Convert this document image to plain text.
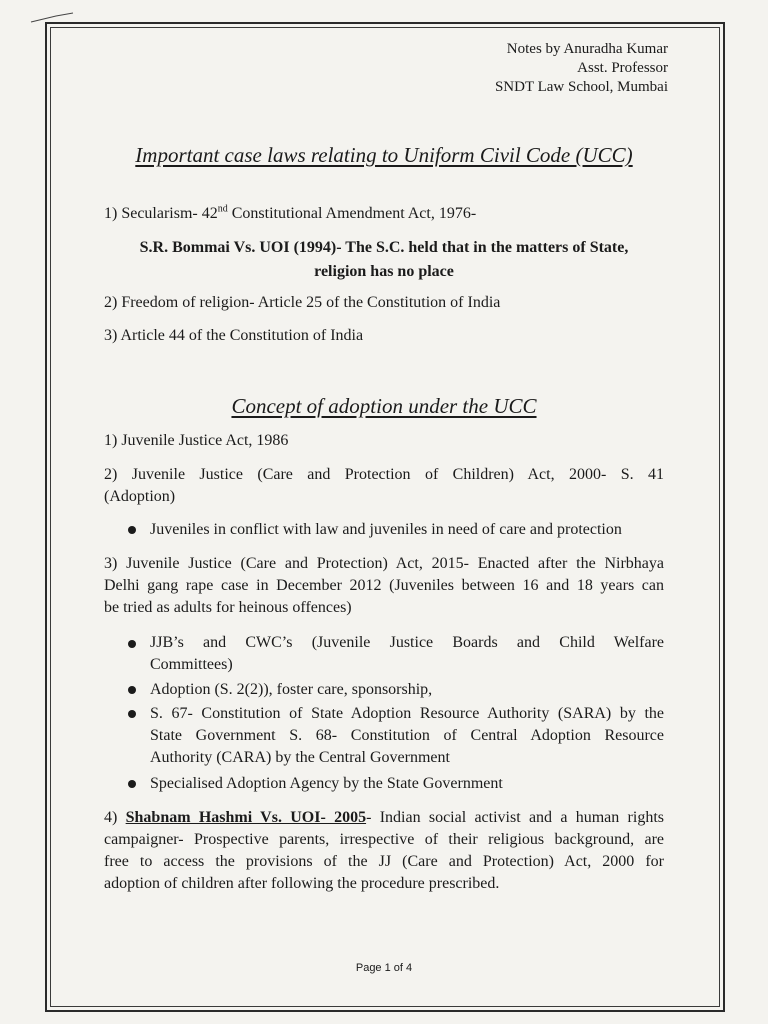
Notes by Anuradha Kumar
Asst. Professor
SNDT Law School, Mumbai
Important case laws relating to Uniform Civil Code (UCC)
1) Secularism- 42nd Constitutional Amendment Act, 1976-
S.R. Bommai Vs. UOI (1994)- The S.C. held that in the matters of State,
religion has no place
2) Freedom of religion- Article 25 of the Constitution of India
3) Article 44 of the Constitution of India
Concept of adoption under the UCC
1) Juvenile Justice Act, 1986
2) Juvenile Justice (Care and Protection of Children) Act, 2000- S. 41
(Adoption)
Juveniles in conflict with law and juveniles in need of care and protection
3) Juvenile Justice (Care and Protection) Act, 2015- Enacted after the Nirbhaya
Delhi gang rape case in December 2012 (Juveniles between 16 and 18 years can
be tried as adults for heinous offences)
JJB’s and CWC’s (Juvenile Justice Boards and Child Welfare
Committees)
Adoption (S. 2(2)), foster care, sponsorship,
S. 67- Constitution of State Adoption Resource Authority (SARA) by the
State Government S. 68- Constitution of Central Adoption Resource
Authority (CARA) by the Central Government
Specialised Adoption Agency by the State Government
4) Shabnam Hashmi Vs. UOI- 2005- Indian social activist and a human rights
campaigner- Prospective parents, irrespective of their religious background, are
free to access the provisions of the JJ (Care and Protection) Act, 2000 for
adoption of children after following the procedure prescribed.
Page 1 of 4
